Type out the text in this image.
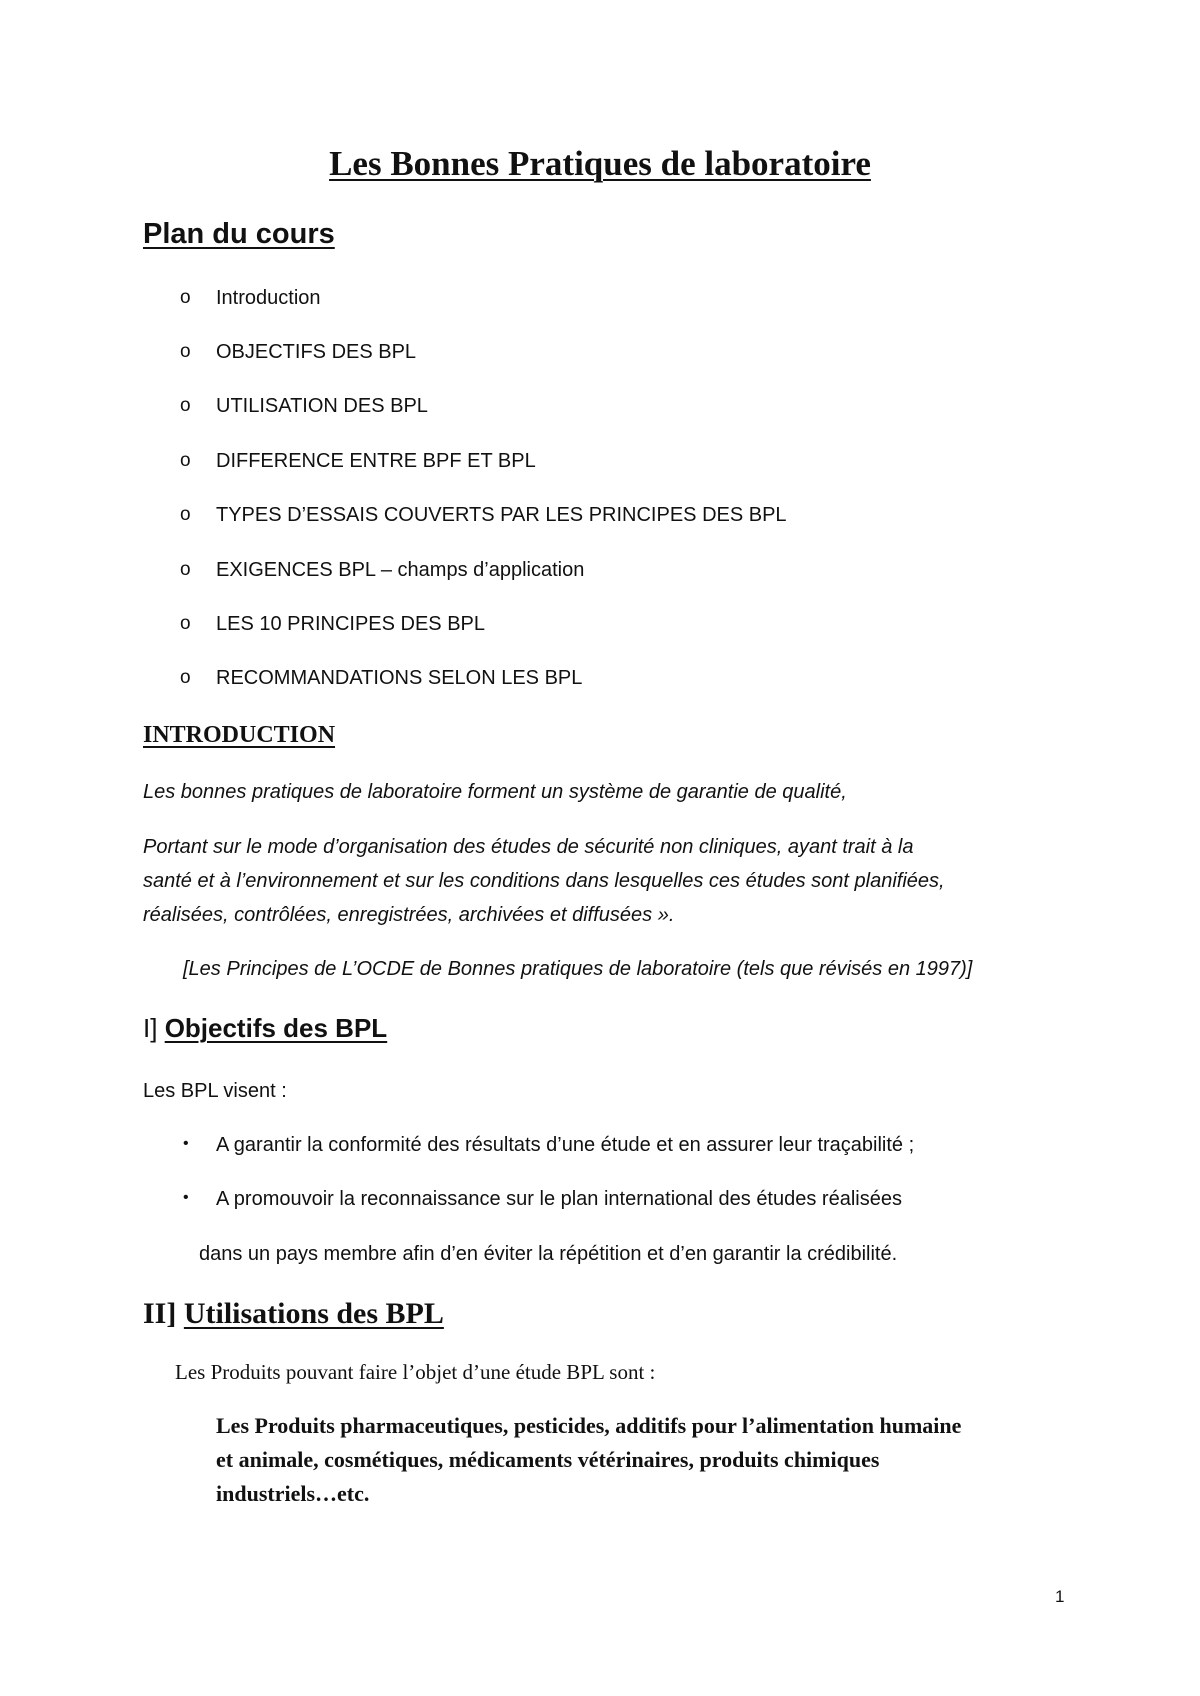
Les Bonnes Pratiques de laboratoire
Plan du cours
o Introduction
o OBJECTIFS DES BPL
o UTILISATION DES BPL
o DIFFERENCE ENTRE BPF ET BPL
o TYPES D’ESSAIS COUVERTS PAR LES PRINCIPES DES BPL
o EXIGENCES BPL – champs d’application
o LES 10 PRINCIPES DES BPL
o RECOMMANDATIONS SELON LES BPL
INTRODUCTION
Les bonnes pratiques de laboratoire forment un système de garantie de qualité,
Portant sur le mode d’organisation des études de sécurité non cliniques, ayant trait à la
santé et à l’environnement et sur les conditions dans lesquelles ces études sont planifiées,
réalisées, contrôlées, enregistrées, archivées et diffusées ».
[Les Principes de L’OCDE de Bonnes pratiques de laboratoire (tels que révisés en 1997)]
I] Objectifs des BPL
Les BPL visent :
• A garantir la conformité des résultats d’une étude et en assurer leur traçabilité ;
• A promouvoir la reconnaissance sur le plan international des études réalisées
dans un pays membre afin d’en éviter la répétition et d’en garantir la crédibilité.
II] Utilisations des BPL
Les Produits pouvant faire l’objet d’une étude BPL sont :
Les Produits pharmaceutiques, pesticides, additifs pour l’alimentation humaine
et animale, cosmétiques, médicaments vétérinaires, produits chimiques
industriels…etc.
1
